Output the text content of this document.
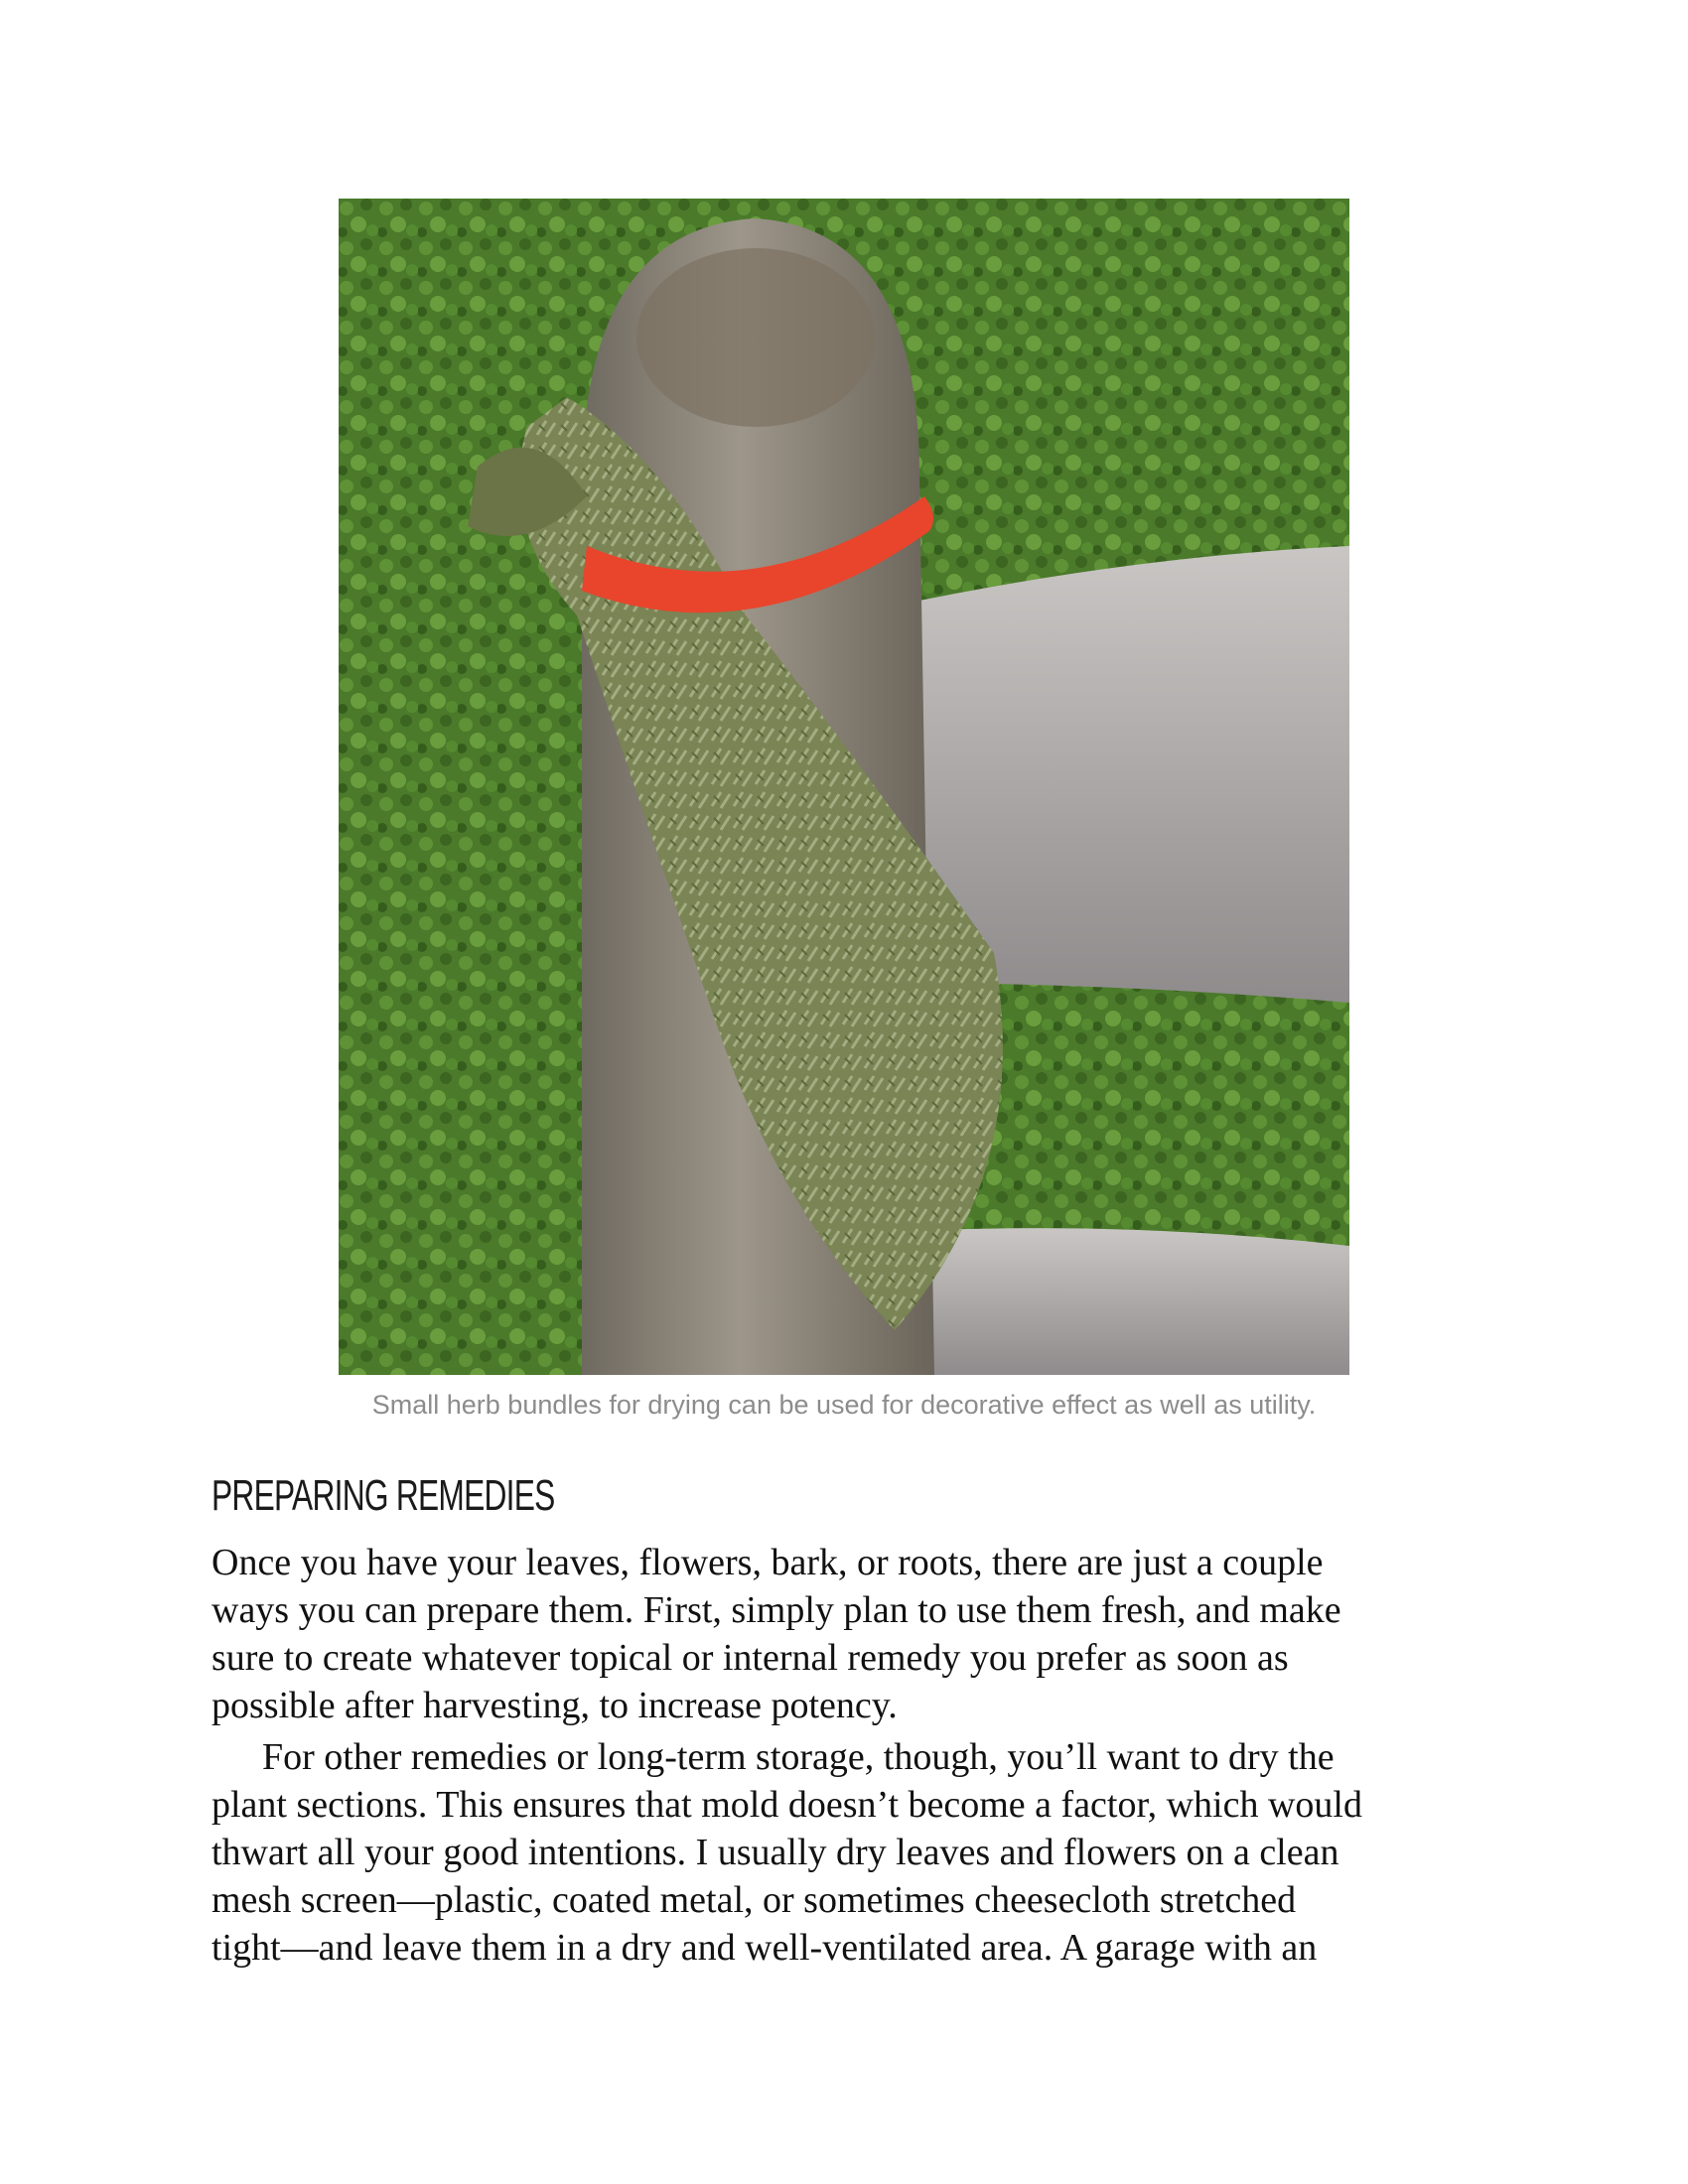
Small herb bundles for drying can be used for decorative effect as well as utility.
PREPARING REMEDIES

Once you have your leaves, flowers, bark, or roots, there are just a couple
ways you can prepare them. First, simply plan to use them fresh, and make
sure to create whatever topical or internal remedy you prefer as soon as
possible after harvesting, to increase potency.

For other remedies or long-term storage, though, you’ll want to dry the
plant sections. This ensures that mold doesn’t become a factor, which would
thwart all your good intentions. I usually dry leaves and flowers on a clean
mesh screen—plastic, coated metal, or sometimes cheesecloth stretched
tight—and leave them in a dry and well-ventilated area. A garage with an
